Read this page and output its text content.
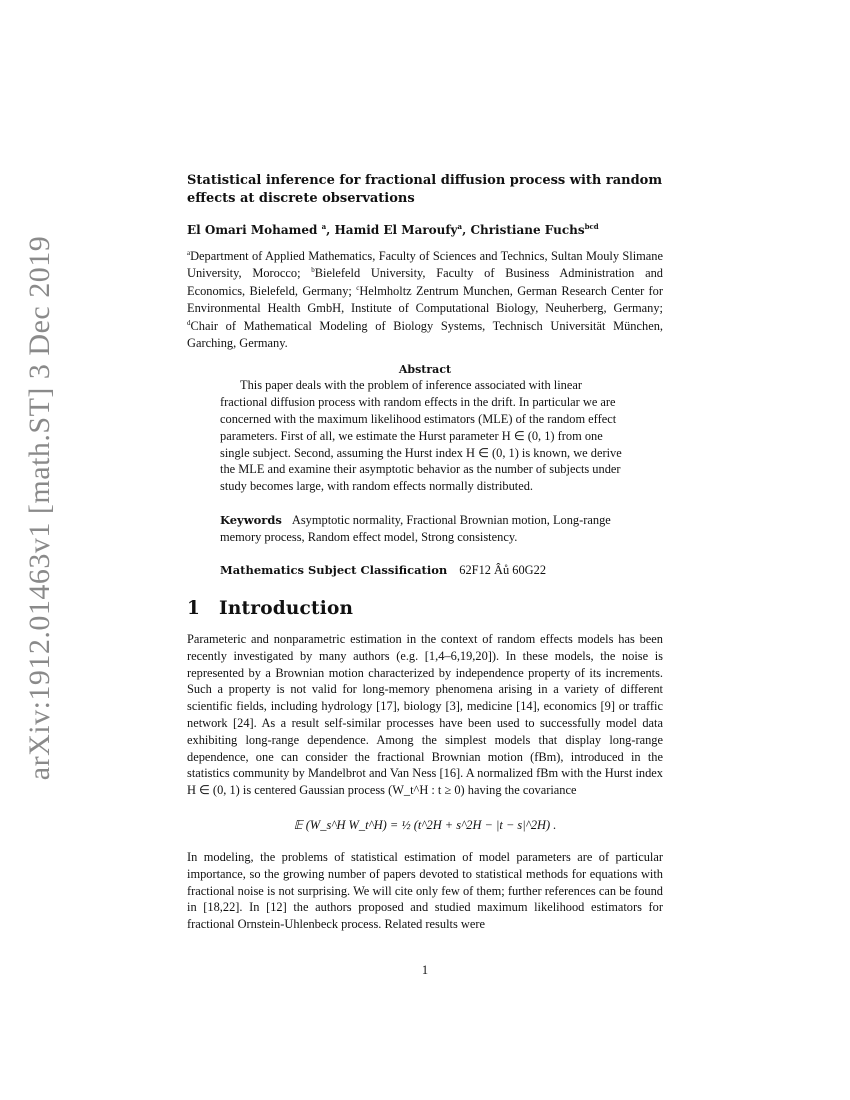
arXiv:1912.01463v1 [math.ST] 3 Dec 2019
Statistical inference for fractional diffusion process with random effects at discrete observations
El Omari Mohamed $^a$, Hamid El Maroufy$^a$, Christiane Fuchs$^{bcd}$
$^a$Department of Applied Mathematics, Faculty of Sciences and Technics, Sultan Mouly Slimane University, Morocco; $^b$Bielefeld University, Faculty of Business Administration and Economics, Bielefeld, Germany; $^c$Helmholtz Zentrum Munchen, German Research Center for Environmental Health GmbH, Institute of Computational Biology, Neuherberg, Germany; $^d$Chair of Mathematical Modeling of Biology Systems, Technisch Universität München, Garching, Germany.
Abstract
This paper deals with the problem of inference associated with linear fractional diffusion process with random effects in the drift. In particular we are concerned with the maximum likelihood estimators (MLE) of the random effect parameters. First of all, we estimate the Hurst parameter H ∈ (0, 1) from one single subject. Second, assuming the Hurst index H ∈ (0, 1) is known, we derive the MLE and examine their asymptotic behavior as the number of subjects under study becomes large, with random effects normally distributed.
Keywords Asymptotic normality, Fractional Brownian motion, Long-range memory process, Random effect model, Strong consistency.
Mathematics Subject Classification 62F12 Âů 60G22
1 Introduction

Parameteric and nonparametric estimation in the context of random effects models has been recently investigated by many authors (e.g. [1,4–6,19,20]). In these models, the noise is represented by a Brownian motion characterized by independence property of its increments. Such a property is not valid for long-memory phenomena arising in a variety of different scientific fields, including hydrology [17], biology [3], medicine [14], economics [9] or traffic network [24]. As a result self-similar processes have been used to successfully model data exhibiting long-range dependence. Among the simplest models that display long-range dependence, one can consider the fractional Brownian motion (fBm), introduced in the statistics community by Mandelbrot and Van Ness [16]. A normalized fBm with the Hurst index H ∈ (0, 1) is centered Gaussian process (W_t^H : t ≥ 0) having the covariance

𝔼 (W_s^H W_t^H) = ½ (t^2H + s^2H − |t − s|^2H) .

In modeling, the problems of statistical estimation of model parameters are of particular importance, so the growing number of papers devoted to statistical methods for equations with fractional noise is not surprising. We will cite only few of them; further references can be found in [18,22]. In [12] the authors proposed and studied maximum likelihood estimators for fractional Ornstein-Uhlenbeck process. Related results were

1
